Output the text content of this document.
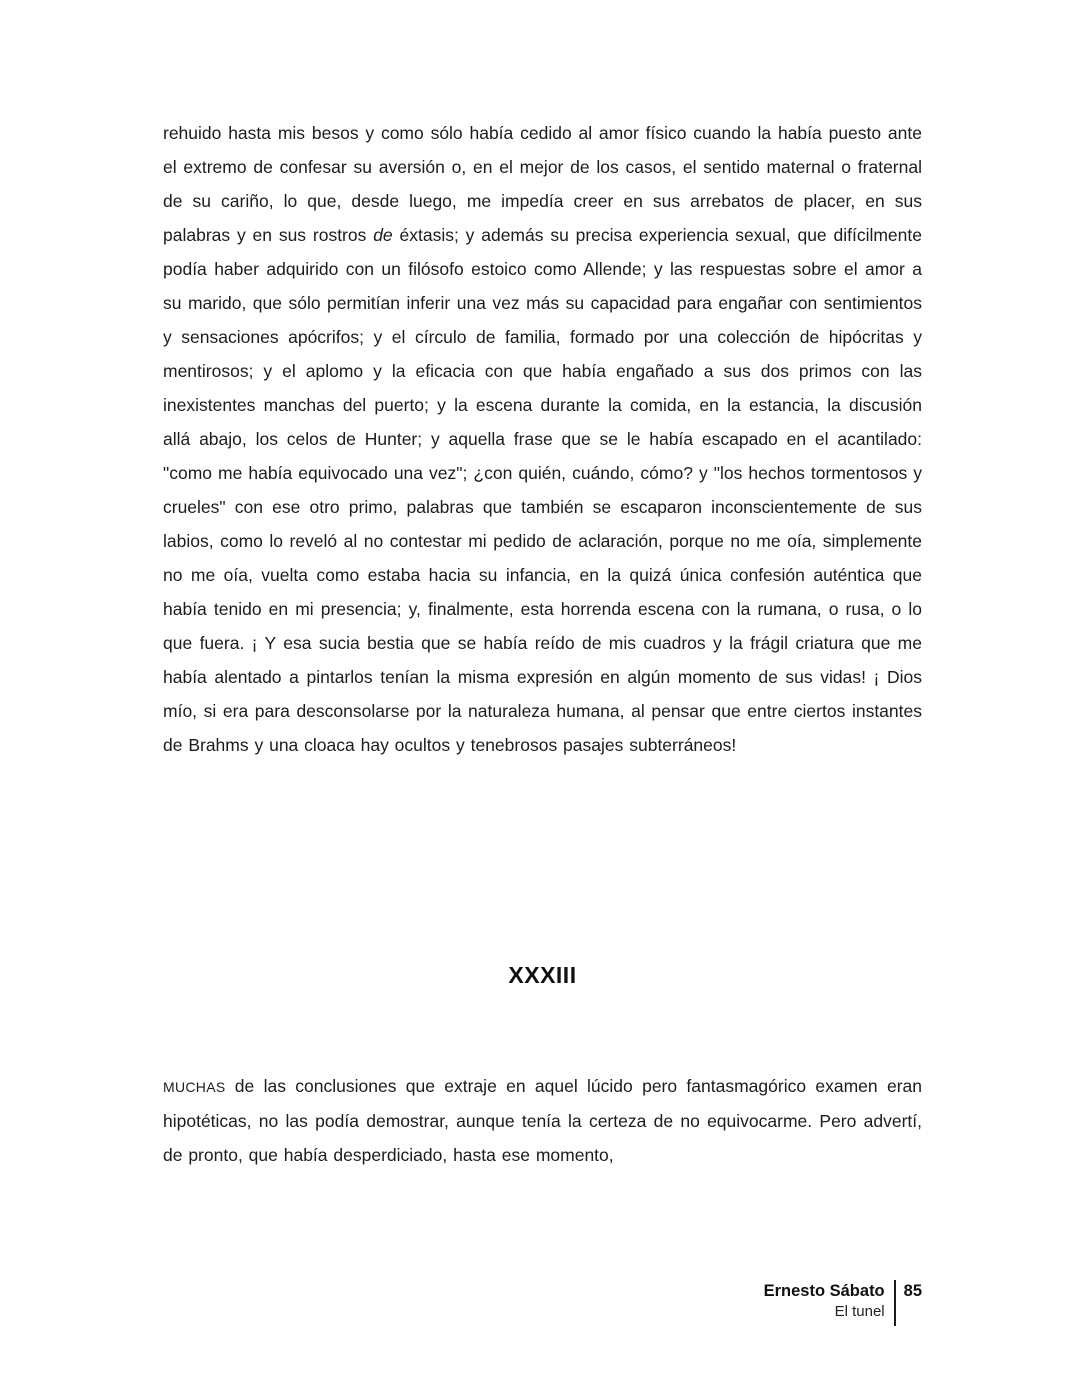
rehuido hasta mis besos y como sólo había cedido al amor físico cuando la había puesto ante el extremo de confesar su aversión o, en el mejor de los casos, el sentido maternal o fraternal de su cariño, lo que, desde luego, me impedía creer en sus arrebatos de placer, en sus palabras y en sus rostros de éxtasis; y además su precisa experiencia sexual, que difícilmente podía haber adquirido con un filósofo estoico como Allende; y las respuestas sobre el amor a su marido, que sólo permitían inferir una vez más su capacidad para engañar con sentimientos y sensaciones apócrifos; y el círculo de familia, formado por una colección de hipócritas y mentirosos; y el aplomo y la eficacia con que había engañado a sus dos primos con las inexistentes manchas del puerto; y la escena durante la comida, en la estancia, la discusión allá abajo, los celos de Hunter; y aquella frase que se le había escapado en el acantilado: "como me había equivocado una vez"; ¿con quién, cuándo, cómo? y "los hechos tormentosos y crueles" con ese otro primo, palabras que también se escaparon inconscientemente de sus labios, como lo reveló al no contestar mi pedido de aclaración, porque no me oía, simplemente no me oía, vuelta como estaba hacia su infancia, en la quizá única confesión auténtica que había tenido en mi presencia; y, finalmente, esta horrenda escena con la rumana, o rusa, o lo que fuera. ¡ Y esa sucia bestia que se había reído de mis cuadros y la frágil criatura que me había alentado a pintarlos tenían la misma expresión en algún momento de sus vidas! ¡ Dios mío, si era para desconsolarse por la naturaleza humana, al pensar que entre ciertos instantes de Brahms y una cloaca hay ocultos y tenebrosos pasajes subterráneos!

XXXIII

MUCHAS de las conclusiones que extraje en aquel lúcido pero fantasmagórico examen eran hipotéticas, no las podía demostrar, aunque tenía la certeza de no equivocarme. Pero advertí, de pronto, que había desperdiciado, hasta ese momento,

Ernesto Sábato
El tunel
85
